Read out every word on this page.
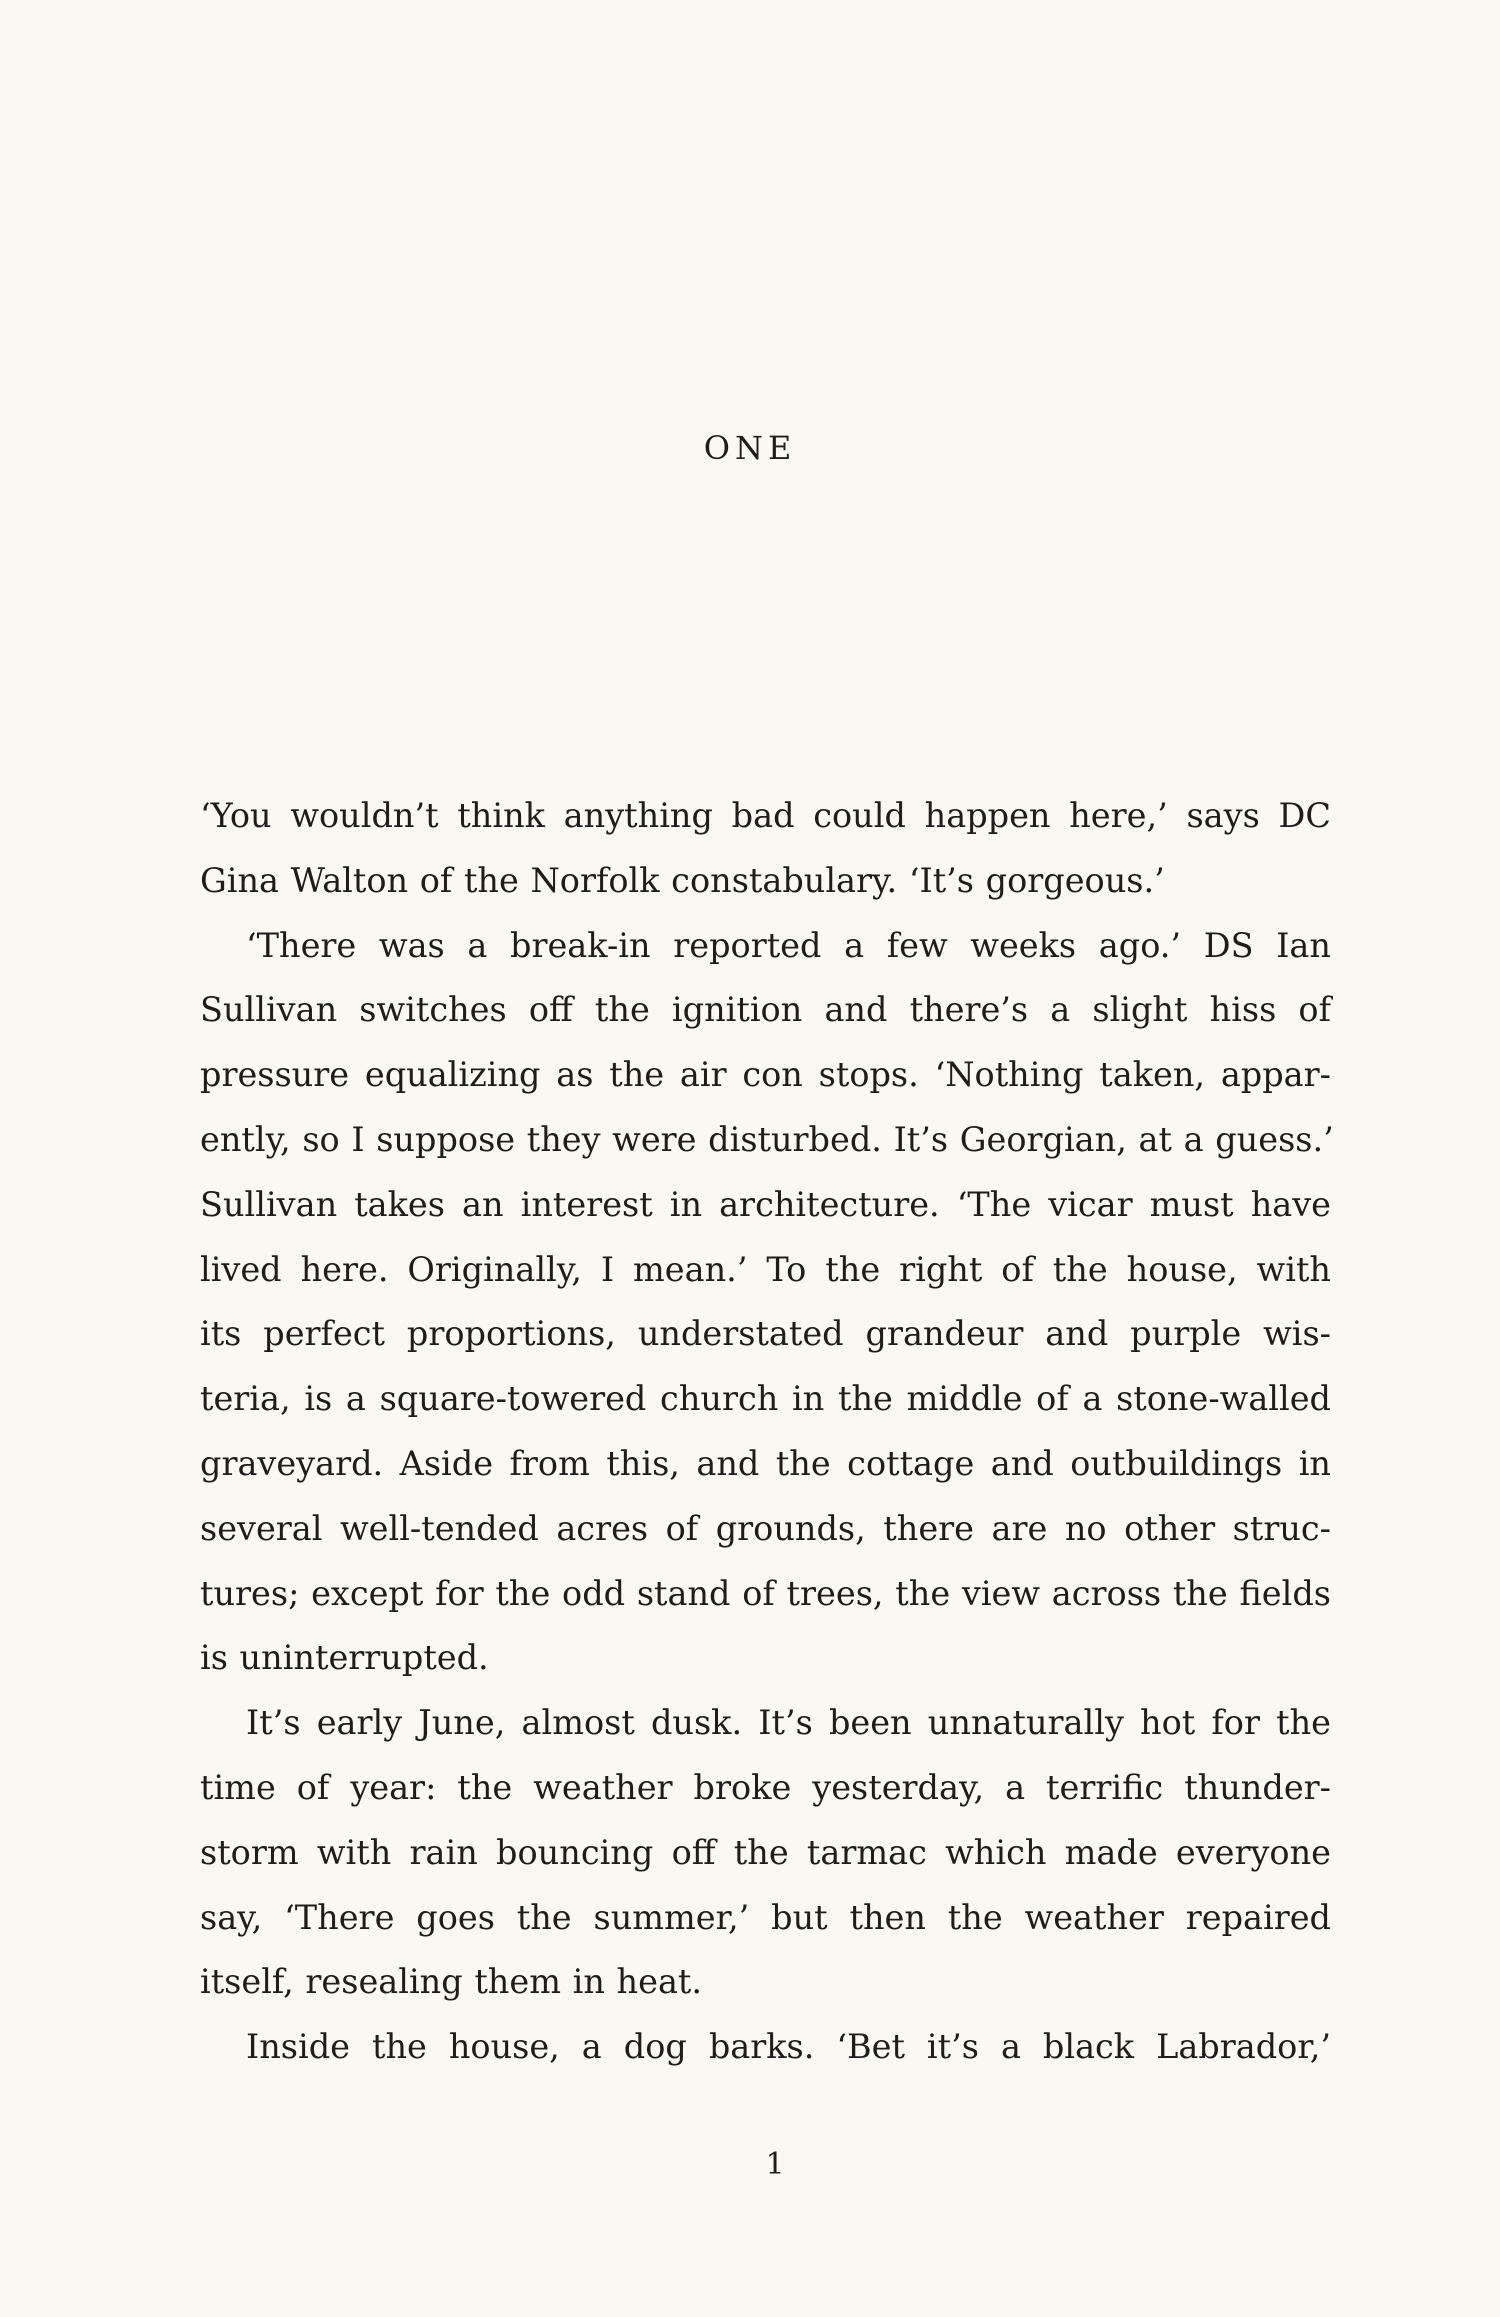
ONE
‘You wouldn’t think anything bad could happen here,’ says DC
Gina Walton of the Norfolk constabulary. ‘It’s gorgeous.’
‘There was a break-in reported a few weeks ago.’ DS Ian
Sullivan switches off the ignition and there’s a slight hiss of
pressure equalizing as the air con stops. ‘Nothing taken, appar-
ently, so I suppose they were disturbed. It’s Georgian, at a guess.’
Sullivan takes an interest in architecture. ‘The vicar must have
lived here. Originally, I mean.’ To the right of the house, with
its perfect proportions, understated grandeur and purple wis-
teria, is a square-towered church in the middle of a stone-walled
graveyard. Aside from this, and the cottage and outbuildings in
several well-tended acres of grounds, there are no other struc-
tures; except for the odd stand of trees, the view across the fields
is uninterrupted.
It’s early June, almost dusk. It’s been unnaturally hot for the
time of year: the weather broke yesterday, a terrific thunder-
storm with rain bouncing off the tarmac which made everyone
say, ‘There goes the summer,’ but then the weather repaired
itself, resealing them in heat.
Inside the house, a dog barks. ‘Bet it’s a black Labrador,’
1
